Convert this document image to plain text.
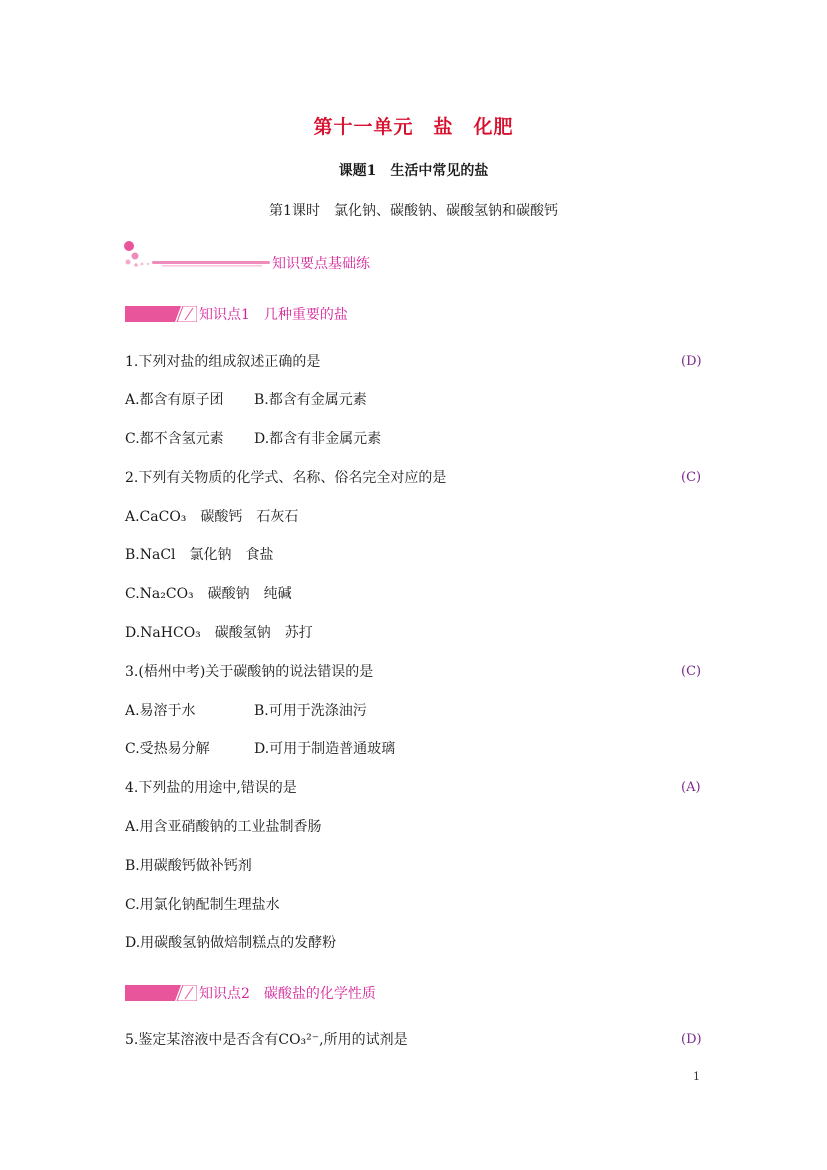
第十一单元　盐　化肥
课题1　生活中常见的盐
第1课时　氯化钠、碳酸钠、碳酸氢钠和碳酸钙
知识要点基础练
知识点1　几种重要的盐
1.下列对盐的组成叙述正确的是	(D)
A.都含有原子团 B.都含有金属元素
C.都不含氢元素 D.都含有非金属元素
2.下列有关物质的化学式、名称、俗名完全对应的是	(C)
A.CaCO₃　碳酸钙　石灰石
B.NaCl　氯化钠　食盐
C.Na₂CO₃　碳酸钠　纯碱
D.NaHCO₃　碳酸氢钠　苏打
3.(梧州中考)关于碳酸钠的说法错误的是	(C)
A.易溶于水	B.可用于洗涤油污
C.受热易分解	D.可用于制造普通玻璃
4.下列盐的用途中,错误的是	(A)
A.用含亚硝酸钠的工业盐制香肠
B.用碳酸钙做补钙剂
C.用氯化钠配制生理盐水
D.用碳酸氢钠做焙制糕点的发酵粉
知识点2　碳酸盐的化学性质
5.鉴定某溶液中是否含有CO₃²⁻,所用的试剂是	(D)
1
